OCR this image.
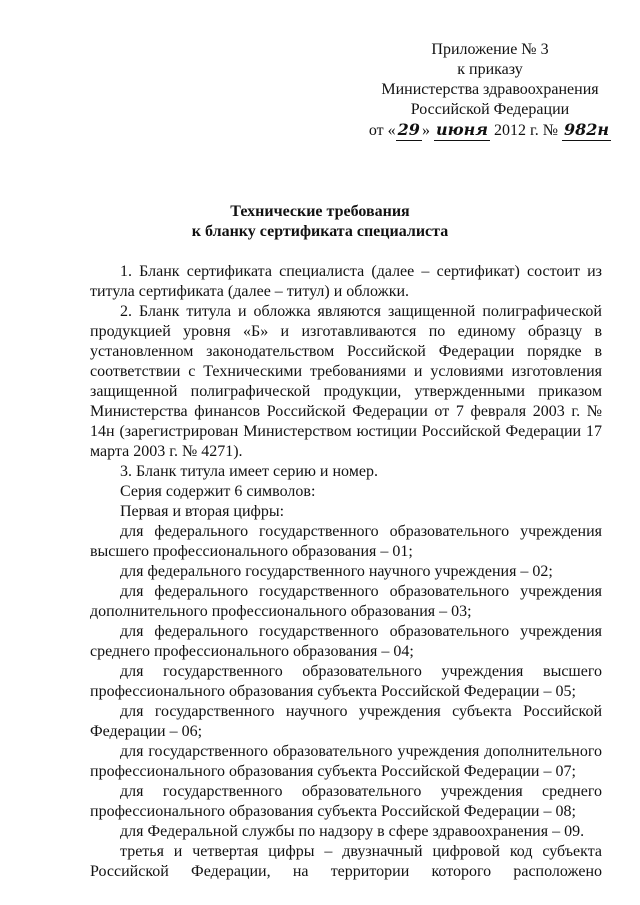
Приложение № 3
к приказу
Министерства здравоохранения
Российской Федерации
от « 29 » июня 2012 г. № 982н
Технические требования
к бланку сертификата специалиста

1. Бланк сертификата специалиста (далее – сертификат) состоит из титула сертификата (далее – титул) и обложки.

2. Бланк титула и обложка являются защищенной полиграфической продукцией уровня «Б» и изготавливаются по единому образцу в установленном законодательством Российской Федерации порядке в соответствии с Техническими требованиями и условиями изготовления защищенной полиграфической продукции, утвержденными приказом Министерства финансов Российской Федерации от 7 февраля 2003 г. № 14н (зарегистрирован Министерством юстиции Российской Федерации 17 марта 2003 г. № 4271).

3. Бланк титула имеет серию и номер.

Серия содержит 6 символов:

Первая и вторая цифры:

для федерального государственного образовательного учреждения высшего профессионального образования – 01;

для федерального государственного научного учреждения – 02;

для федерального государственного образовательного учреждения дополнительного профессионального образования – 03;

для федерального государственного образовательного учреждения среднего профессионального образования – 04;

для государственного образовательного учреждения высшего профессионального образования субъекта Российской Федерации – 05;

для государственного научного учреждения субъекта Российской Федерации – 06;

для государственного образовательного учреждения дополнительного профессионального образования субъекта Российской Федерации – 07;

для государственного образовательного учреждения среднего профессионального образования субъекта Российской Федерации – 08;

для Федеральной службы по надзору в сфере здравоохранения – 09.

третья и четвертая цифры – двузначный цифровой код субъекта Российской Федерации, на территории которого расположено
